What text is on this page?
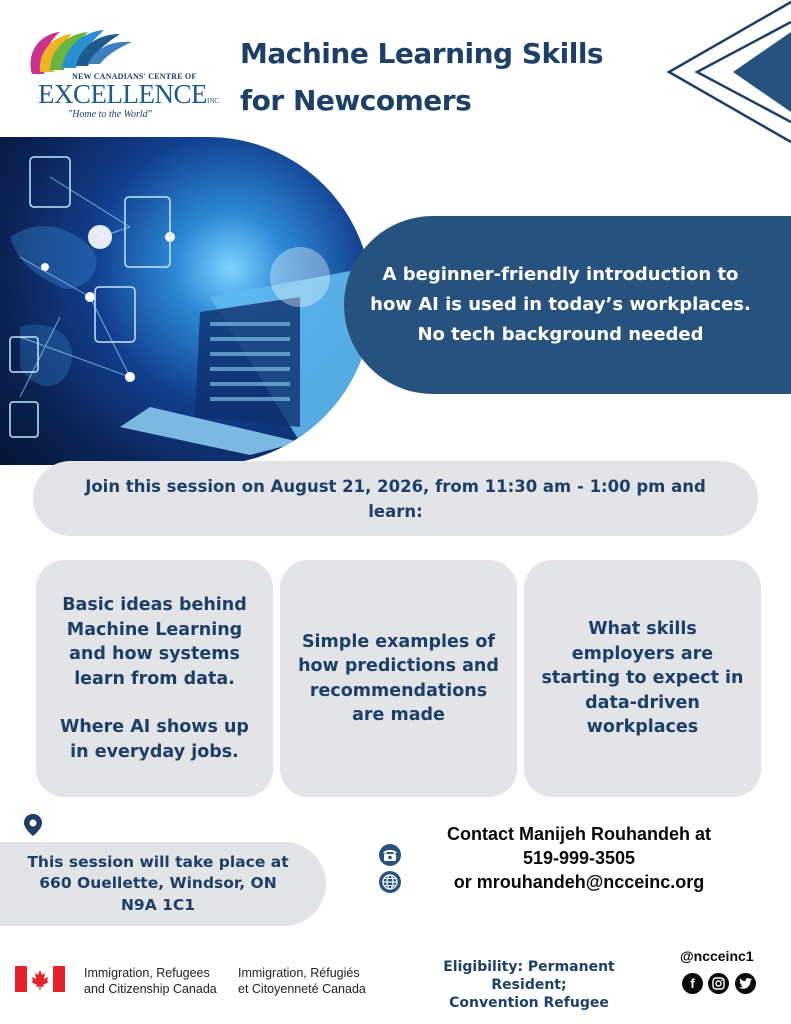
NEW CANADIANS' CENTRE OF
EXCELLENCEINC.
"Home to the World"
Machine Learning Skills
for Newcomers

A beginner-friendly introduction to how AI is used in today’s workplaces. No tech background needed

Join this session on August 21, 2026, from 11:30 am - 1:00 pm and learn:

Basic ideas behind Machine Learning and how systems learn from data.

Where AI shows up in everyday jobs.

Simple examples of how predictions and recommendations are made

What skills employers are starting to expect in data-driven workplaces

This session will take place at 660 Ouellette, Windsor, ON N9A 1C1

Contact Manijeh Rouhandeh at
519-999-3505
or mrouhandeh@ncceinc.org
Immigration, Refugees
and Citizenship Canada
Immigration, Réfugiés
et Citoyenneté Canada
Eligibility: Permanent Resident;
Convention Refugee
@ncceinc1
f
